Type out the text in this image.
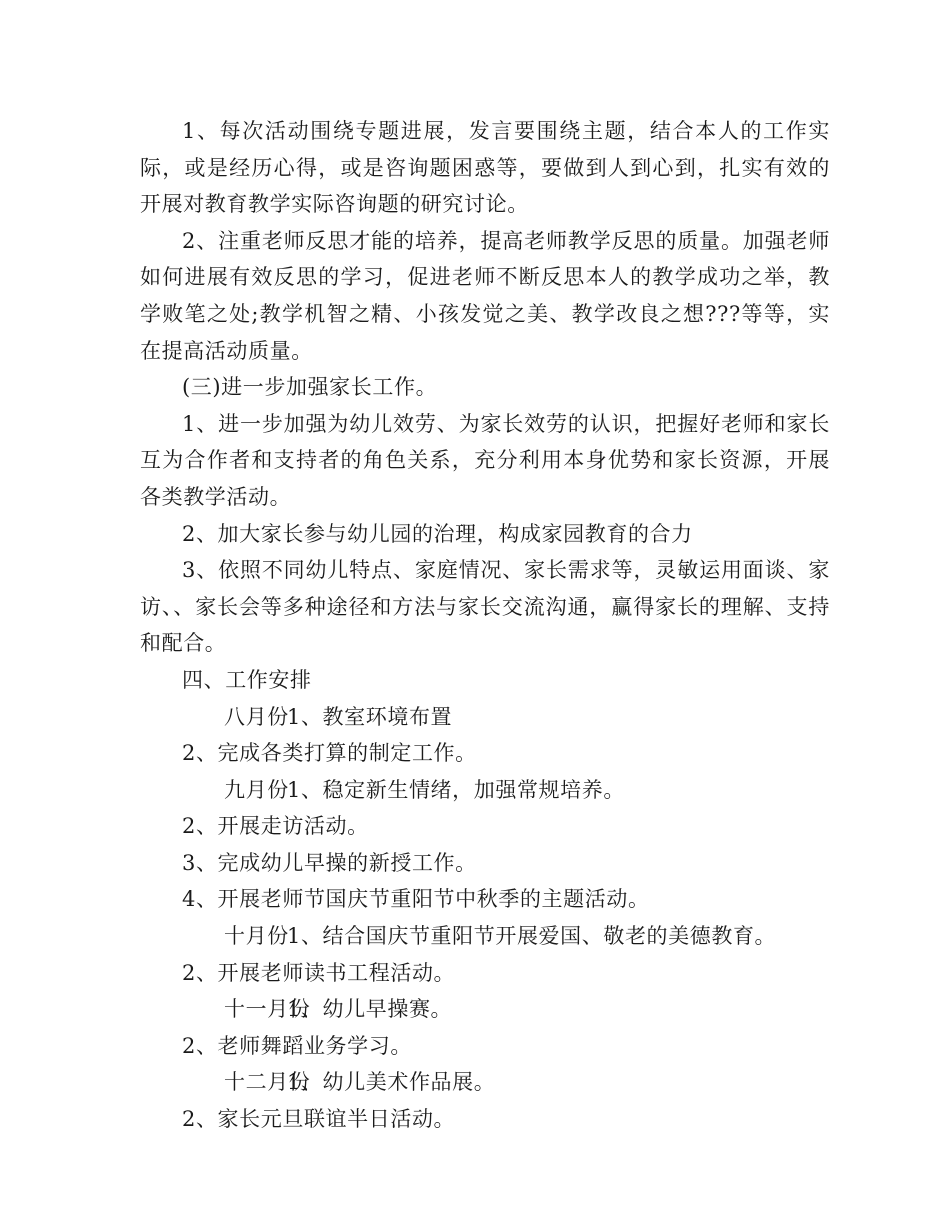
1、每次活动围绕专题进展，发言要围绕主题，结合本人的工作实际，或是经历心得，或是咨询题困惑等，要做到人到心到，扎实有效的开展对教育教学实际咨询题的研究讨论。

2、注重老师反思才能的培养，提高老师教学反思的质量。加强老师如何进展有效反思的学习，促进老师不断反思本人的教学成功之举，教学败笔之处;教学机智之精、小孩发觉之美、教学改良之想???等等，实在提高活动质量。

(三)进一步加强家长工作。

1、进一步加强为幼儿效劳、为家长效劳的认识，把握好老师和家长互为合作者和支持者的角色关系，充分利用本身优势和家长资源，开展各类教学活动。

2、加大家长参与幼儿园的治理，构成家园教育的合力

3、依照不同幼儿特点、家庭情况、家长需求等，灵敏运用面谈、家访、、家长会等多种途径和方法与家长交流沟通，赢得家长的理解、支持和配合。

四、工作安排

八月份1、教室环境布置

2、完成各类打算的制定工作。

九月份1、稳定新生情绪，加强常规培养。

2、开展走访活动。

3、完成幼儿早操的新授工作。

4、开展老师节国庆节重阳节中秋季的主题活动。

十月份1、结合国庆节重阳节开展爱国、敬老的美德教育。

2、开展老师读书工程活动。

十一月份1、幼儿早操赛。

2、老师舞蹈业务学习。

十二月份1、幼儿美术作品展。

2、家长元旦联谊半日活动。
